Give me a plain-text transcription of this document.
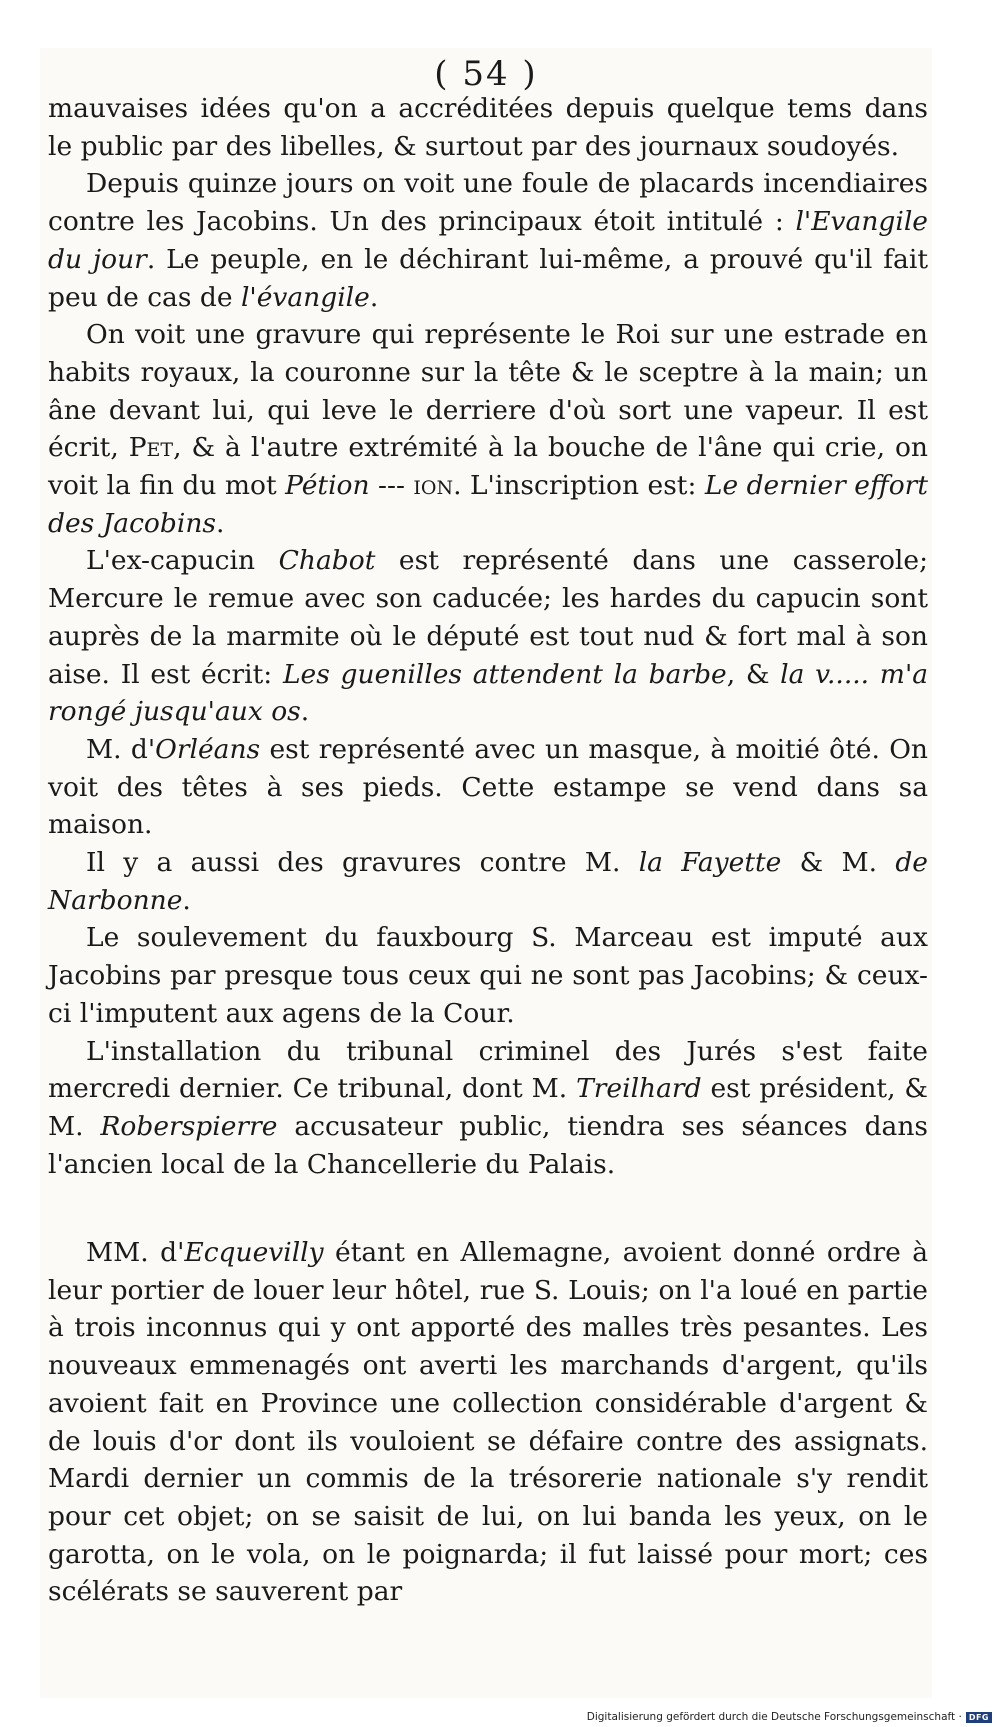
( 54 )

mauvaises idées qu'on a accréditées depuis quelque tems dans le public par des libelles, & surtout par des journaux soudoyés.

Depuis quinze jours on voit une foule de placards incendiaires contre les Jacobins. Un des principaux étoit intitulé : l'Evangile du jour. Le peuple, en le déchirant lui-même, a prouvé qu'il fait peu de cas de l'évangile.

On voit une gravure qui représente le Roi sur une estrade en habits royaux, la couronne sur la tête & le sceptre à la main; un âne devant lui, qui leve le derriere d'où sort une vapeur. Il est écrit, Pet, & à l'autre extrémité à la bouche de l'âne qui crie, on voit la fin du mot Pétion --- ion. L'inscription est: Le dernier effort des Jacobins.

L'ex-capucin Chabot est représenté dans une casserole; Mercure le remue avec son caducée; les hardes du capucin sont auprès de la marmite où le député est tout nud & fort mal à son aise. Il est écrit: Les guenilles attendent la barbe, & la v..... m'a rongé jusqu'aux os.

M. d'Orléans est représenté avec un masque, à moitié ôté. On voit des têtes à ses pieds. Cette estampe se vend dans sa maison.

Il y a aussi des gravures contre M. la Fayette & M. de Narbonne.

Le soulevement du fauxbourg S. Marceau est imputé aux Jacobins par presque tous ceux qui ne sont pas Jacobins; & ceux-ci l'imputent aux agens de la Cour.

L'installation du tribunal criminel des Jurés s'est faite mercredi dernier. Ce tribunal, dont M. Treilhard est président, & M. Roberspierre accusateur public, tiendra ses séances dans l'ancien local de la Chancellerie du Palais.

MM. d'Ecquevilly étant en Allemagne, avoient donné ordre à leur portier de louer leur hôtel, rue S. Louis; on l'a loué en partie à trois inconnus qui y ont apporté des malles très pesantes. Les nouveaux emmenagés ont averti les marchands d'argent, qu'ils avoient fait en Province une collection considérable d'argent & de louis d'or dont ils vouloient se défaire contre des assignats. Mardi dernier un commis de la trésorerie nationale s'y rendit pour cet objet; on se saisit de lui, on lui banda les yeux, on le garotta, on le vola, on le poignarda; il fut laissé pour mort; ces scélérats se sauverent par

Digitalisierung gefördert durch die Deutsche Forschungsgemeinschaft · DFG
